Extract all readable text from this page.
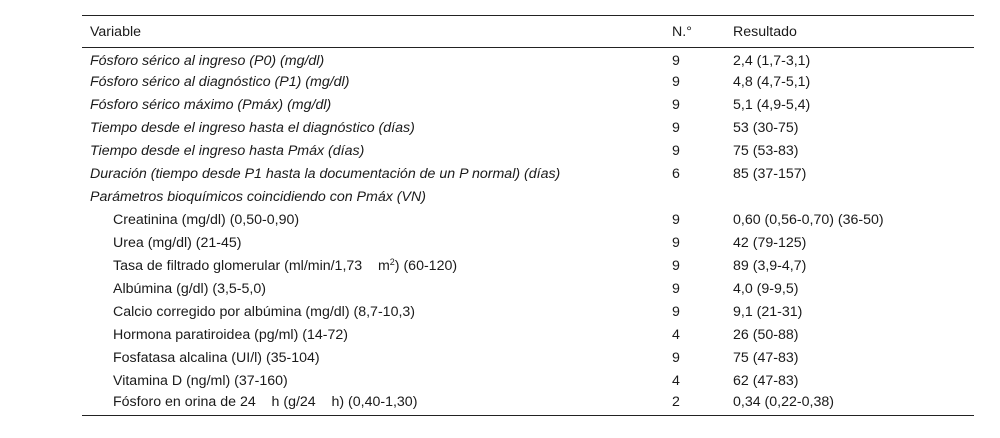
Variable	N.°	Resultado
Fósforo sérico al ingreso (P0) (mg/dl)	9	2,4 (1,7-3,1)
Fósforo sérico al diagnóstico (P1) (mg/dl)	9	4,8 (4,7-5,1)
Fósforo sérico máximo (Pmáx) (mg/dl)	9	5,1 (4,9-5,4)
Tiempo desde el ingreso hasta el diagnóstico (días)	9	53 (30-75)
Tiempo desde el ingreso hasta Pmáx (días)	9	75 (53-83)
Duración (tiempo desde P1 hasta la documentación de un P normal) (días)	6	85 (37-157)
Parámetros bioquímicos coincidiendo con Pmáx (VN)		
Creatinina (mg/dl) (0,50-0,90)	9	0,60 (0,56-0,70) (36-50)
Urea (mg/dl) (21-45)	9	42 (79-125)
Tasa de filtrado glomerular (ml/min/1,73    $m^2$) (60-120)	9	89 (3,9-4,7)
Albúmina (g/dl) (3,5-5,0)	9	4,0 (9-9,5)
Calcio corregido por albúmina (mg/dl) (8,7-10,3)	9	9,1 (21-31)
Hormona paratiroidea (pg/ml) (14-72)	4	26 (50-88)
Fosfatasa alcalina (UI/l) (35-104)	9	75 (47-83)
Vitamina D (ng/ml) (37-160)	4	62 (47-83)
Fósforo en orina de 24    h (g/24    h) (0,40-1,30)	2	0,34 (0,22-0,38)
